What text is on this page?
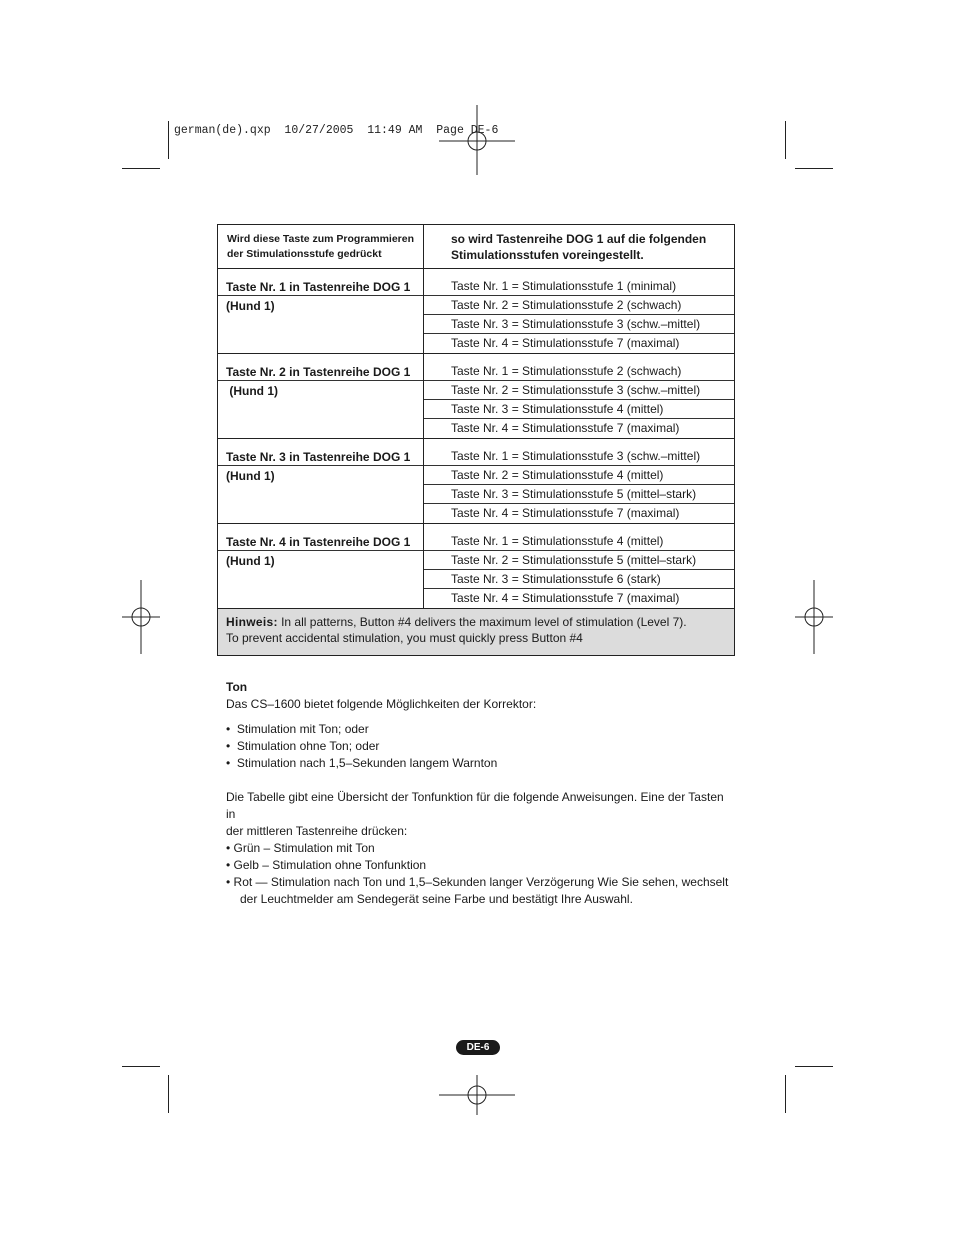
german(de).qxp  10/27/2005  11:49 AM  Page DE-6
Wird diese Taste zum Programmieren
der Stimulationsstufe gedrückt
so wird Tastenreihe DOG 1 auf die folgenden
Stimulationsstufen voreingestellt.
Taste Nr. 1 in Tastenreihe DOG 1
(Hund 1)
Taste Nr. 1 = Stimulationsstufe 1 (minimal)
Taste Nr. 2 = Stimulationsstufe 2 (schwach)
Taste Nr. 3 = Stimulationsstufe 3 (schw.–mittel)
Taste Nr. 4 = Stimulationsstufe 7 (maximal)
Taste Nr. 2 in Tastenreihe DOG 1
(Hund 1)
Taste Nr. 1 = Stimulationsstufe 2 (schwach)
Taste Nr. 2 = Stimulationsstufe 3 (schw.–mittel)
Taste Nr. 3 = Stimulationsstufe 4 (mittel)
Taste Nr. 4 = Stimulationsstufe 7 (maximal)
Taste Nr. 3 in Tastenreihe DOG 1
(Hund 1)
Taste Nr. 1 = Stimulationsstufe 3 (schw.–mittel)
Taste Nr. 2 = Stimulationsstufe 4 (mittel)
Taste Nr. 3 = Stimulationsstufe 5 (mittel–stark)
Taste Nr. 4 = Stimulationsstufe 7 (maximal)
Taste Nr. 4 in Tastenreihe DOG 1
(Hund 1)
Taste Nr. 1 = Stimulationsstufe 4 (mittel)
Taste Nr. 2 = Stimulationsstufe 5 (mittel–stark)
Taste Nr. 3 = Stimulationsstufe 6 (stark)
Taste Nr. 4 = Stimulationsstufe 7 (maximal)
Hinweis: In all patterns, Button #4 delivers the maximum level of stimulation (Level 7).
To prevent accidental stimulation, you must quickly press Button #4

Ton

Das CS–1600 bietet folgende Möglichkeiten der Korrektor:

•  Stimulation mit Ton; oder

•  Stimulation ohne Ton; oder

•  Stimulation nach 1,5–Sekunden langem Warnton

Die Tabelle gibt eine Übersicht der Tonfunktion für die folgende Anweisungen. Eine der Tasten in

der mittleren Tastenreihe drücken:

• Grün – Stimulation mit Ton

• Gelb – Stimulation ohne Tonfunktion

• Rot — Stimulation nach Ton und 1,5–Sekunden langer Verzögerung Wie Sie sehen, wechselt der Leuchtmelder am Sendegerät seine Farbe und bestätigt Ihre Auswahl.

DE-6
